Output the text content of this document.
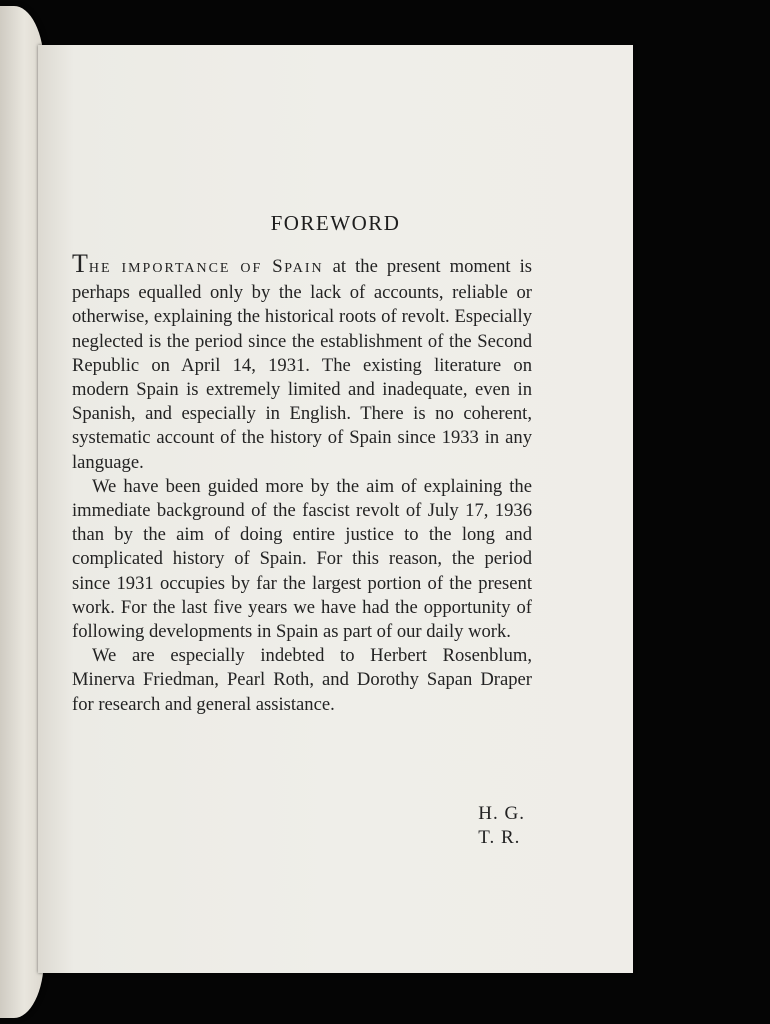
FOREWORD

THE IMPORTANCE OF SPAIN at the present moment is perhaps equalled only by the lack of accounts, reliable or otherwise, explaining the historical roots of revolt. Especially neglected is the period since the establishment of the Second Republic on April 14, 1931. The existing literature on modern Spain is extremely limited and inadequate, even in Spanish, and especially in English. There is no coherent, systematic account of the history of Spain since 1933 in any language.

We have been guided more by the aim of explaining the immediate background of the fascist revolt of July 17, 1936 than by the aim of doing entire justice to the long and complicated history of Spain. For this reason, the period since 1931 occupies by far the largest portion of the present work. For the last five years we have had the opportunity of following developments in Spain as part of our daily work.

We are especially indebted to Herbert Rosenblum, Minerva Friedman, Pearl Roth, and Dorothy Sapan Draper for research and general assistance.

H. G.
T. R.
